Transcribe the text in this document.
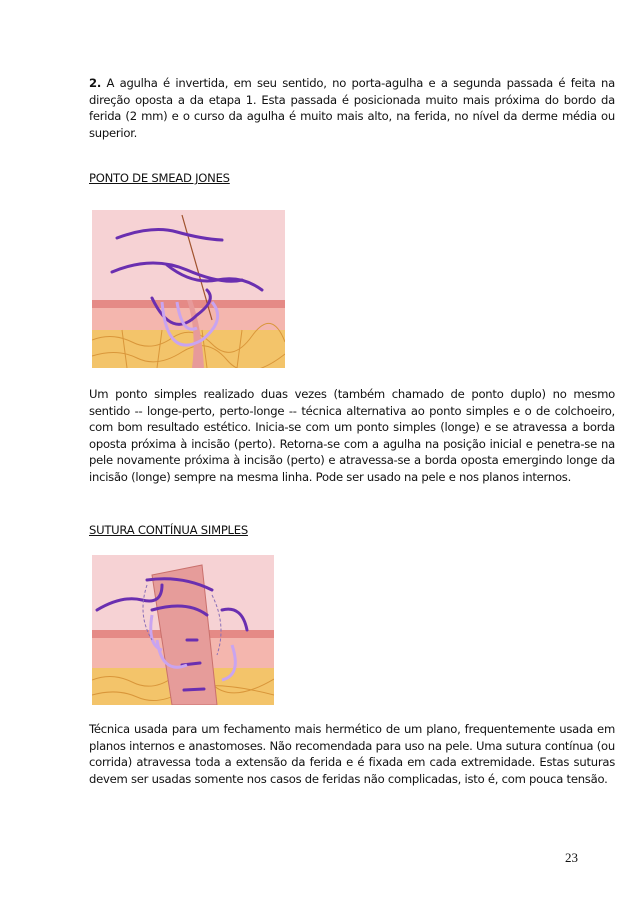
2. A agulha é invertida, em seu sentido, no porta-agulha e a segunda passada é feita na direção oposta a da etapa 1. Esta passada é posicionada muito mais próxima do bordo da ferida (2 mm) e o curso da agulha é muito mais alto, na ferida, no nível da derme média ou superior.

PONTO DE SMEAD JONES

Um ponto simples realizado duas vezes (também chamado de ponto duplo) no mesmo sentido -- longe-perto, perto-longe -- técnica alternativa ao ponto simples e o de colchoeiro, com bom resultado estético. Inicia-se com um ponto simples (longe) e se atravessa a borda oposta próxima à incisão (perto). Retorna-se com a agulha na posição inicial e penetra-se na pele novamente próxima à incisão (perto) e atravessa-se a borda oposta emergindo longe da incisão (longe) sempre na mesma linha. Pode ser usado na pele e nos planos internos.

SUTURA CONTÍNUA SIMPLES

Técnica usada para um fechamento mais hermético de um plano, frequentemente usada em planos internos e anastomoses. Não recomendada para uso na pele. Uma sutura contínua (ou corrida) atravessa toda a extensão da ferida e é fixada em cada extremidade. Estas suturas devem ser usadas somente nos casos de feridas não complicadas, isto é, com pouca tensão.

23
